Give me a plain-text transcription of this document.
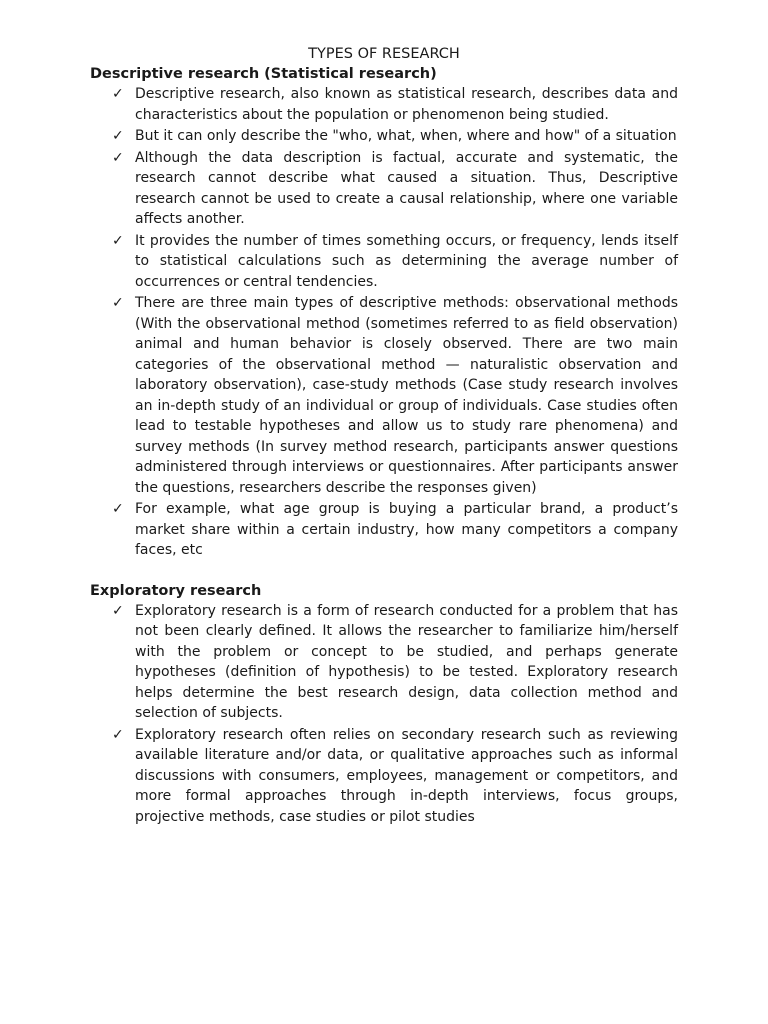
TYPES OF RESEARCH
Descriptive research (Statistical research)
✓ Descriptive research, also known as statistical research, describes data and characteristics about the population or phenomenon being studied.
✓ But it can only describe the "who, what, when, where and how" of a situation
✓ Although the data description is factual, accurate and systematic, the research cannot describe what caused a situation. Thus, Descriptive research cannot be used to create a causal relationship, where one variable affects another.
✓ It provides the number of times something occurs, or frequency, lends itself to statistical calculations such as determining the average number of occurrences or central tendencies.
✓ There are three main types of descriptive methods: observational methods (With the observational method (sometimes referred to as field observation) animal and human behavior is closely observed. There are two main categories of the observational method — naturalistic observation and laboratory observation), case-study methods (Case study research involves an in-depth study of an individual or group of individuals. Case studies often lead to testable hypotheses and allow us to study rare phenomena) and survey methods (In survey method research, participants answer questions administered through interviews or questionnaires. After participants answer the questions, researchers describe the responses given)
✓ For example, what age group is buying a particular brand, a product’s market share within a certain industry, how many competitors a company faces, etc
Exploratory research
✓ Exploratory research is a form of research conducted for a problem that has not been clearly defined. It allows the researcher to familiarize him/herself with the problem or concept to be studied, and perhaps generate hypotheses (definition of hypothesis) to be tested. Exploratory research helps determine the best research design, data collection method and selection of subjects.
✓ Exploratory research often relies on secondary research such as reviewing available literature and/or data, or qualitative approaches such as informal discussions with consumers, employees, management or competitors, and more formal approaches through in-depth interviews, focus groups, projective methods, case studies or pilot studies
